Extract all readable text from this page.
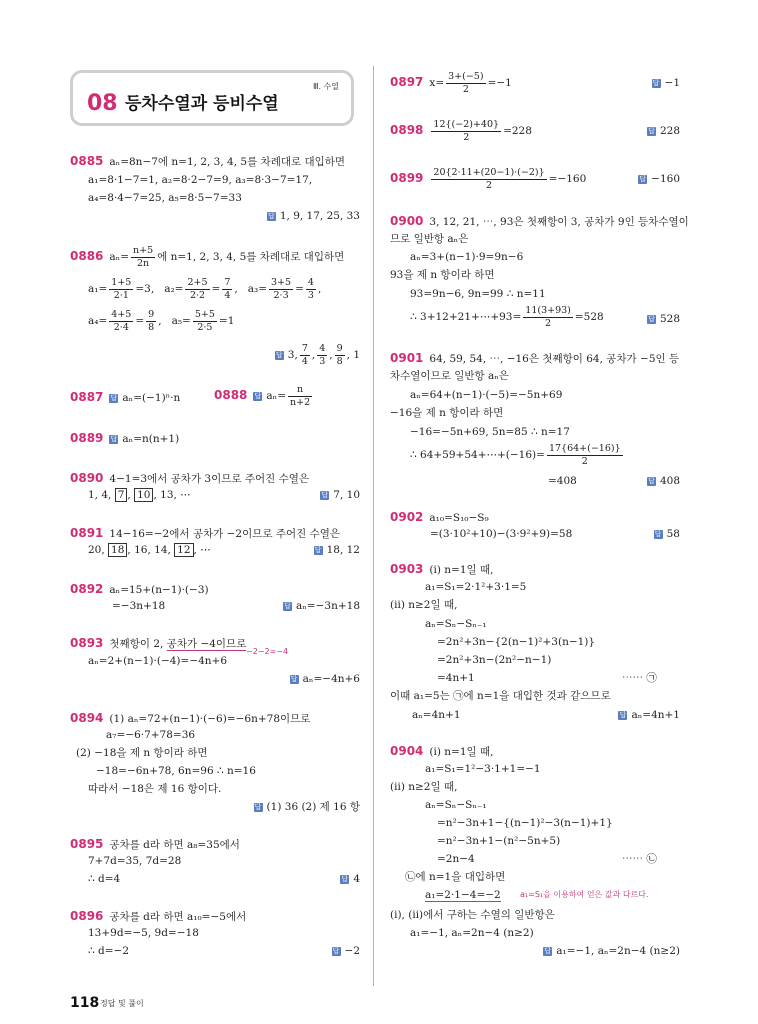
Ⅲ. 수열
08 등차수열과 등비수열
0885 aₙ=8n−7에 n=1, 2, 3, 4, 5를 차례대로 대입하면
a₁=8·1−7=1, a₂=8·2−7=9, a₃=8·3−7=17,
a₄=8·4−7=25, a₅=8·5−7=33
답 1, 9, 17, 25, 33
0886 $a_n= \frac{n+5}{2n}$ 에 n=1, 2, 3, 4, 5를 차례대로 대입하면
$a_1= \frac{1+5}{2\cdot 1} =3$, $a_2= \frac{2+5}{2\cdot 2} = \frac{7}{4}$ ,   $a_3= \frac{3+5}{2\cdot 3} = \frac{4}{3}$ ,
$a_4= \frac{4+5}{2\cdot 4} = \frac{9}{8}$ ,   $a_5= \frac{5+5}{2\cdot 5} =1$
답 3, $\frac{7}{4}$ , $\frac{4}{3}$ , $\frac{9}{8}$ , 1
0887 답 aₙ=(−1)ⁿ·n	0888 답 $a_n= \frac{n}{n+2}$
0889 답 aₙ=n(n+1)
0890 4−1=3에서 공차가 3이므로 주어진 수열은
1, 4, 7 , 10 , 13, ⋯	답 7, 10
0891 14−16=−2에서 공차가 −2이므로 주어진 수열은
20, 18 , 16, 14, 12 , ⋯	답 18, 12
0892 aₙ=15+(n−1)·(−3)
=−3n+18	답 aₙ=−3n+18
0893 첫째항이 2, 공차가 −4이므로
−2−2=−4
aₙ=2+(n−1)·(−4)=−4n+6
답 aₙ=−4n+6
0894 (1) aₙ=72+(n−1)·(−6)=−6n+78이므로
a₇=−6·7+78=36
(2) −18을 제 n 항이라 하면
−18=−6n+78, 6n=96 ∴ n=16
따라서 −18은 제 16 항이다.
답 (1) 36 (2) 제 16 항
0895 공차를 d라 하면 a₈=35에서
7+7d=35, 7d=28
∴ d=4	답 4
0896 공차를 d라 하면 a₁₀=−5에서
13+9d=−5, 9d=−18
∴ d=−2	답 −2
0897 $x= \frac{3+(-5)}{2} =-1$	답 −1
$0898 \frac{12\{(-2)+40\}}{2} =228$	답 228
$0899 \frac{20\{2\cdot 11+(20-1)\cdot(-2)\}}{2} =-160$	답 −160
0900 3, 12, 21, ⋯, 93은 첫째항이 3, 공차가 9인 등차수열이
므로 일반항 aₙ은
aₙ=3+(n−1)·9=9n−6
93을 제 n 항이라 하면
93=9n−6, 9n=99 ∴ n=11
∴ 3+12+21+⋯+93= $\frac{11(3+93)}{2} =528$	답 528
0901 64, 59, 54, ⋯, −16은 첫째항이 64, 공차가 −5인 등
차수열이므로 일반항 aₙ은
aₙ=64+(n−1)·(−5)=−5n+69
−16을 제 n 항이라 하면
−16=−5n+69, 5n=85 ∴ n=17
∴ 64+59+54+⋯+(−16)= $\frac{17\{64+(-16)\}}{2}$
=408	답 408
0902 a₁₀=S₁₀−S₉
=(3·10²+10)−(3·9²+9)=58	답 58
0903 (ⅰ) n=1일 때,
a₁=S₁=2·1²+3·1=5
(ⅱ) n≥2일 때,
aₙ=Sₙ−Sₙ₋₁
=2n²+3n−{2(n−1)²+3(n−1)}
=2n²+3n−(2n²−n−1)
=4n+1	⋯⋯ ㉠
이때 a₁=5는 ㉠에 n=1을 대입한 것과 같으므로
aₙ=4n+1	답 aₙ=4n+1
0904 (ⅰ) n=1일 때,
a₁=S₁=1²−3·1+1=−1
(ⅱ) n≥2일 때,
aₙ=Sₙ−Sₙ₋₁
=n²−3n+1−{(n−1)²−3(n−1)+1}
=n²−3n+1−(n²−5n+5)
=2n−4	⋯⋯ ㉡
㉡에 n=1을 대입하면
a₁=2·1−4=−2 a₁=S₁을 이용하여 얻은 값과 다르다.
(ⅰ), (ⅱ)에서 구하는 수열의 일반항은
a₁=−1, aₙ=2n−4 (n≥2)
답 a₁=−1, aₙ=2n−4 (n≥2)
118 정답 및 풀이
